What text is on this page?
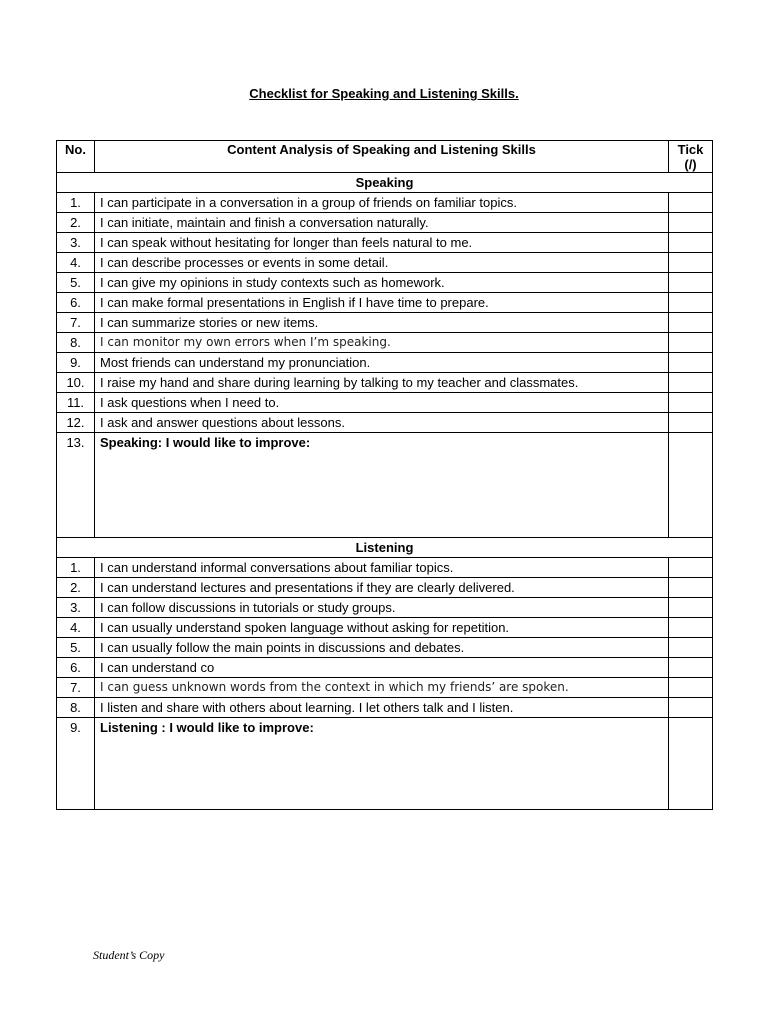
Checklist for Speaking and Listening Skills.
No.	Content Analysis of Speaking and Listening Skills	Tick
(/)
Speaking		
1.	I can participate in a conversation in a group of friends on familiar topics.	
2.	I can initiate, maintain and finish a conversation naturally.	
3.	I can speak without hesitating for longer than feels natural to me.	
4.	I can describe processes or events in some detail.	
5.	I can give my opinions in study contexts such as homework.	
6.	I can make formal presentations in English if I have time to prepare.	
7.	I can summarize stories or new items.	
8.	I can monitor my own errors when I’m speaking.	
9.	Most friends can understand my pronunciation.	
10.	I raise my hand and share during learning by talking to my teacher and classmates.	
11.	I ask questions when I need to.	
12.	I ask and answer questions about lessons.	
13.	Speaking: I would like to improve:	
Listening		
1.	I can understand informal conversations about familiar topics.	
2.	I can understand lectures and presentations if they are clearly delivered.	
3.	I can follow discussions in tutorials or study groups.	
4.	I can usually understand spoken language without asking for repetition.	
5.	I can usually follow the main points in discussions and debates.	
6.	I can understand co	
7.	I can guess unknown words from the context in which my friends’ are spoken.	
8.	I listen and share with others about learning. I let others talk and I listen.	
9.	Listening : I would like to improve:	
Student’s Copy
